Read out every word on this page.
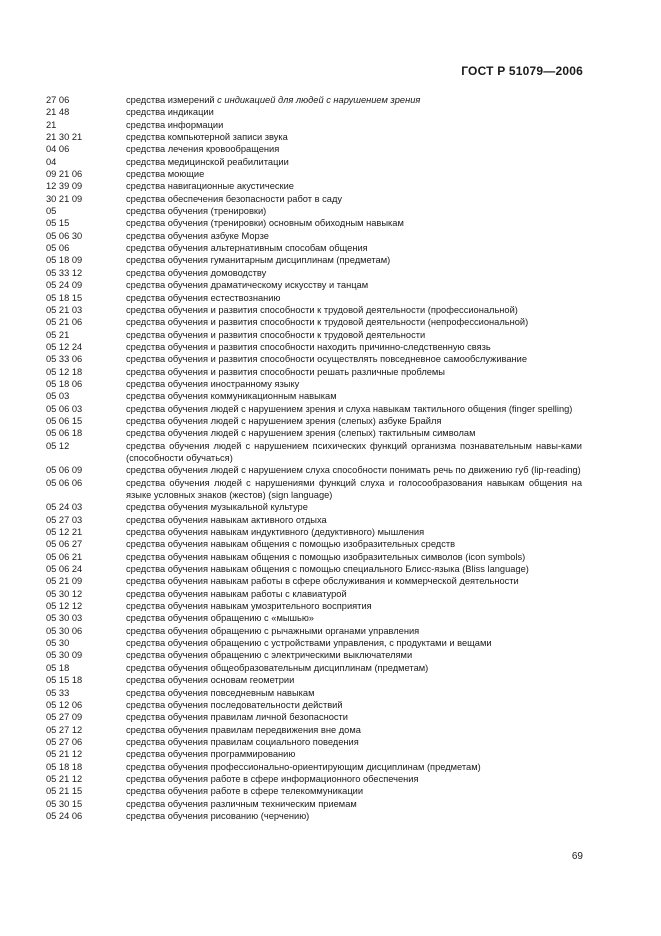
ГОСТ Р 51079—2006
27 06	средства измерений с индикацией для людей с нарушением зрения
21 48	средства индикации
21	средства информации
21 30 21	средства компьютерной записи звука
04 06	средства лечения кровообращения
04	средства медицинской реабилитации
09 21 06	средства моющие
12 39 09	средства навигационные акустические
30 21 09	средства обеспечения безопасности работ в саду
05	средства обучения (тренировки)
05 15	средства обучения (тренировки) основным обиходным навыкам
05 06 30	средства обучения азбуке Морзе
05 06	средства обучения альтернативным способам общения
05 18 09	средства обучения гуманитарным дисциплинам (предметам)
05 33 12	средства обучения домоводству
05 24 09	средства обучения драматическому искусству и танцам
05 18 15	средства обучения естествознанию
05 21 03	средства обучения и развития способности к трудовой деятельности (профессиональной)
05 21 06	средства обучения и развития способности к трудовой деятельности (непрофессиональной)
05 21	средства обучения и развития способности к трудовой деятельности
05 12 24	средства обучения и развития способности находить причинно-следственную связь
05 33 06	средства обучения и развития способности осуществлять повседневное самообслуживание
05 12 18	средства обучения и развития способности решать различные проблемы
05 18 06	средства обучения иностранному языку
05 03	средства обучения коммуникационным навыкам
05 06 03	средства обучения людей с нарушением зрения и слуха навыкам тактильного общения (finger spelling)
05 06 15	средства обучения людей с нарушением зрения (слепых) азбуке Брайля
05 06 18	средства обучения людей с нарушением зрения (слепых) тактильным символам
05 12	средства обучения людей с нарушением психических функций организма познавательным навы-ками (способности обучаться)
05 06 09	средства обучения людей с нарушением слуха способности понимать речь по движению губ (lip-reading)
05 06 06	средства обучения людей с нарушениями функций слуха и голосообразования навыкам общения на языке условных знаков (жестов) (sign language)
05 24 03	средства обучения музыкальной культуре
05 27 03	средства обучения навыкам активного отдыха
05 12 21	средства обучения навыкам индуктивного (дедуктивного) мышления
05 06 27	средства обучения навыкам общения с помощью изобразительных средств
05 06 21	средства обучения навыкам общения с помощью изобразительных символов (icon symbols)
05 06 24	средства обучения навыкам общения с помощью специального Блисс-языка (Bliss language)
05 21 09	средства обучения навыкам работы в сфере обслуживания и коммерческой деятельности
05 30 12	средства обучения навыкам работы с клавиатурой
05 12 12	средства обучения навыкам умозрительного восприятия
05 30 03	средства обучения обращению с «мышью»
05 30 06	средства обучения обращению с рычажными органами управления
05 30	средства обучения обращению с устройствами управления, с продуктами и вещами
05 30 09	средства обучения обращению с электрическими выключателями
05 18	средства обучения общеобразовательным дисциплинам (предметам)
05 15 18	средства обучения основам геометрии
05 33	средства обучения повседневным навыкам
05 12 06	средства обучения последовательности действий
05 27 09	средства обучения правилам личной безопасности
05 27 12	средства обучения правилам передвижения вне дома
05 27 06	средства обучения правилам социального поведения
05 21 12	средства обучения программированию
05 18 18	средства обучения профессионально-ориентирующим дисциплинам (предметам)
05 21 12	средства обучения работе в сфере информационного обеспечения
05 21 15	средства обучения работе в сфере телекоммуникации
05 30 15	средства обучения различным техническим приемам
05 24 06	средства обучения рисованию (черчению)
69
